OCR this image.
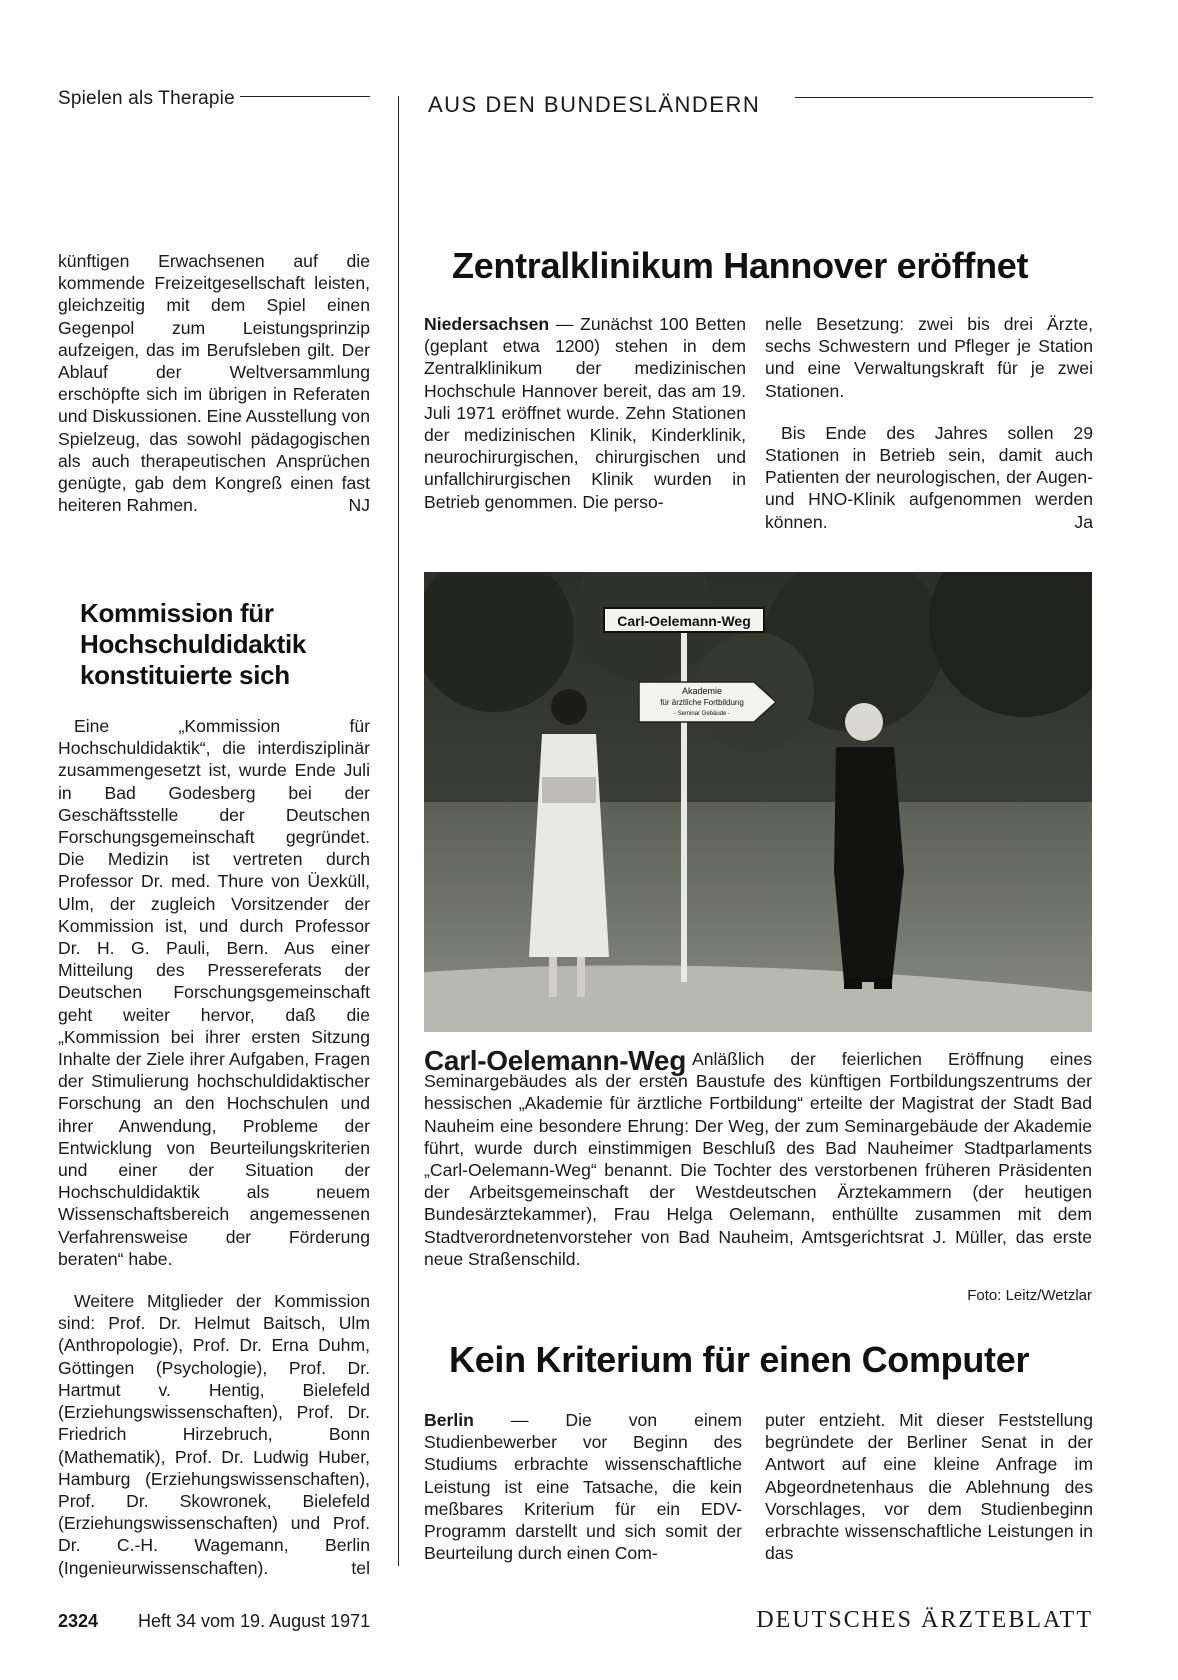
Spielen als Therapie	AUS DEN BUNDESLÄNDERN

künftigen Erwachsenen auf die kommende Freizeitgesellschaft leisten, gleichzeitig mit dem Spiel einen Gegenpol zum Leistungsprinzip aufzeigen, das im Berufsleben gilt. Der Ablauf der Weltversammlung erschöpfte sich im übrigen in Referaten und Diskussionen. Eine Ausstellung von Spielzeug, das sowohl pädagogischen als auch therapeutischen Ansprüchen genügte, gab dem Kongreß einen fast heiteren Rahmen.	NJ

Kommission für Hochschuldidaktik konstituierte sich

Eine „Kommission für Hochschuldidaktik“, die interdisziplinär zusammengesetzt ist, wurde Ende Juli in Bad Godesberg bei der Geschäftsstelle der Deutschen Forschungsgemeinschaft gegründet. Die Medizin ist vertreten durch Professor Dr. med. Thure von Üexküll, Ulm, der zugleich Vorsitzender der Kommission ist, und durch Professor Dr. H. G. Pauli, Bern. Aus einer Mitteilung des Pressereferats der Deutschen Forschungsgemeinschaft geht weiter hervor, daß die „Kommission bei ihrer ersten Sitzung Inhalte der Ziele ihrer Aufgaben, Fragen der Stimulierung hochschuldidaktischer Forschung an den Hochschulen und ihrer Anwendung, Probleme der Entwicklung von Beurteilungskriterien und einer der Situation der Hochschuldidaktik als neuem Wissenschaftsbereich angemessenen Verfahrensweise der Förderung beraten“ habe.

Weitere Mitglieder der Kommission sind: Prof. Dr. Helmut Baitsch, Ulm (Anthropologie), Prof. Dr. Erna Duhm, Göttingen (Psychologie), Prof. Dr. Hartmut v. Hentig, Bielefeld (Erziehungswissenschaften), Prof. Dr. Friedrich Hirzebruch, Bonn (Mathematik), Prof. Dr. Ludwig Huber, Hamburg (Erziehungswissenschaften), Prof. Dr. Skowronek, Bielefeld (Erziehungswissenschaften) und Prof. Dr. C.-H. Wagemann, Berlin (Ingenieurwissenschaften).	tel

Zentralklinikum Hannover eröffnet

Niedersachsen — Zunächst 100 Betten (geplant etwa 1200) stehen in dem Zentralklinikum der medizinischen Hochschule Hannover bereit, das am 19. Juli 1971 eröffnet wurde. Zehn Stationen der medizinischen Klinik, Kinderklinik, neurochirurgischen, chirurgischen und unfallchirurgischen Klinik wurden in Betrieb genommen. Die perso-

nelle Besetzung: zwei bis drei Ärzte, sechs Schwestern und Pfleger je Station und eine Verwaltungskraft für je zwei Stationen.

Bis Ende des Jahres sollen 29 Stationen in Betrieb sein, damit auch Patienten der neurologischen, der Augen- und HNO-Klinik aufgenommen werden können.	Ja

Carl-Oelemann-Weg
Akademie
für ärztliche Fortbildung
- Seminar Gebäude -
Carl-Oelemann-Weg Anläßlich der feierlichen Eröffnung eines Seminargebäudes als der ersten Baustufe des künftigen Fortbildungszentrums der hessischen „Akademie für ärztliche Fortbildung“ erteilte der Magistrat der Stadt Bad Nauheim eine besondere Ehrung: Der Weg, der zum Seminargebäude der Akademie führt, wurde durch einstimmigen Beschluß des Bad Nauheimer Stadtparlaments „Carl-Oelemann-Weg“ benannt. Die Tochter des verstorbenen früheren Präsidenten der Arbeitsgemeinschaft der Westdeutschen Ärztekammern (der heutigen Bundesärztekammer), Frau Helga Oelemann, enthüllte zusammen mit dem Stadtverordnetenvorsteher von Bad Nauheim, Amtsgerichtsrat J. Müller, das erste neue Straßenschild.

Foto: Leitz/Wetzlar
Kein Kriterium für einen Computer

Berlin — Die von einem Studienbewerber vor Beginn des Studiums erbrachte wissenschaftliche Leistung ist eine Tatsache, die kein meßbares Kriterium für ein EDV-Programm darstellt und sich somit der Beurteilung durch einen Com-

puter entzieht. Mit dieser Feststellung begründete der Berliner Senat in der Antwort auf eine kleine Anfrage im Abgeordnetenhaus die Ablehnung des Vorschlages, vor dem Studienbeginn erbrachte wissenschaftliche Leistungen in das

2324 Heft 34 vom 19. August 1971	DEUTSCHES ÄRZTEBLATT
